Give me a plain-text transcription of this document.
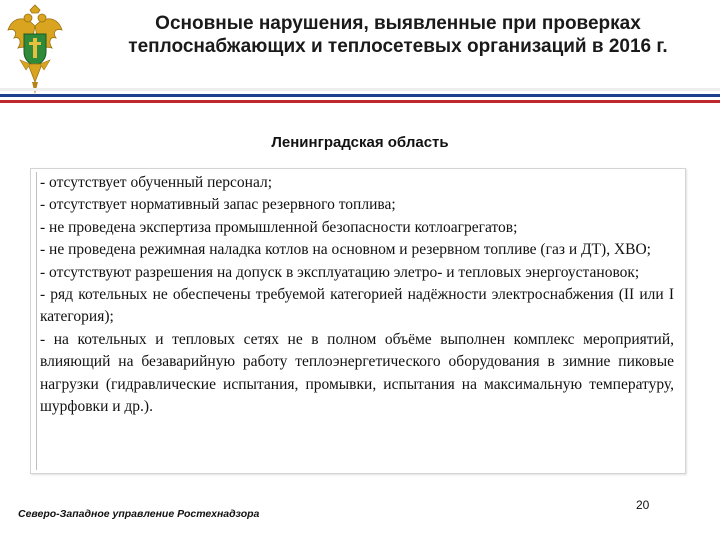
Основные нарушения, выявленные при проверках
теплоснабжающих и теплосетевых организаций в 2016 г.
Ленинградская область

- отсутствует обученный персонал;

- отсутствует нормативный запас резервного топлива;

- не проведена экспертиза промышленной безопасности котлоагрегатов;

- не проведена режимная наладка котлов на основном и резервном топливе (газ и ДТ), ХВО;

- отсутствуют разрешения на допуск в эксплуатацию элетро- и тепловых энергоустановок;

- ряд котельных не обеспечены требуемой категорией надёжности электроснабжения (II или I категория);

- на котельных и тепловых сетях не в полном объёме выполнен комплекс мероприятий, влияющий на безаварийную работу теплоэнергетического оборудования в зимние пиковые нагрузки (гидравлические испытания, промывки, испытания на максимальную температуру, шурфовки и др.).

Северо-Западное управление Ростехнадзора
20
